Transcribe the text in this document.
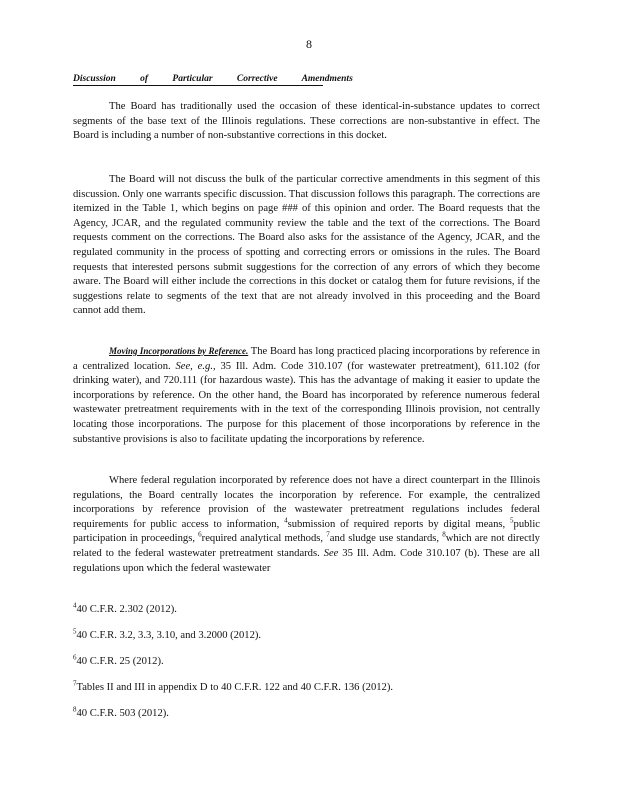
8
Discussion of Particular Corrective Amendments
The Board has traditionally used the occasion of these identical-in-substance updates to correct segments of the base text of the Illinois regulations. These corrections are non-substantive in effect. The Board is including a number of non-substantive corrections in this docket.
The Board will not discuss the bulk of the particular corrective amendments in this segment of this discussion. Only one warrants specific discussion. That discussion follows this paragraph. The corrections are itemized in the Table 1, which begins on page ### of this opinion and order. The Board requests that the Agency, JCAR, and the regulated community review the table and the text of the corrections. The Board requests comment on the corrections. The Board also asks for the assistance of the Agency, JCAR, and the regulated community in the process of spotting and correcting errors or omissions in the rules. The Board requests that interested persons submit suggestions for the correction of any errors of which they become aware. The Board will either include the corrections in this docket or catalog them for future revisions, if the suggestions relate to segments of the text that are not already involved in this proceeding and the Board cannot add them.
Moving Incorporations by Reference. The Board has long practiced placing incorporations by reference in a centralized location. See, e.g., 35 Ill. Adm. Code 310.107 (for wastewater pretreatment), 611.102 (for drinking water), and 720.111 (for hazardous waste). This has the advantage of making it easier to update the incorporations by reference. On the other hand, the Board has incorporated by reference numerous federal wastewater pretreatment requirements with in the text of the corresponding Illinois provision, not centrally locating those incorporations. The purpose for this placement of those incorporations by reference in the substantive provisions is also to facilitate updating the incorporations by reference.
Where federal regulation incorporated by reference does not have a direct counterpart in the Illinois regulations, the Board centrally locates the incorporation by reference. For example, the centralized incorporations by reference provision of the wastewater pretreatment regulations includes federal requirements for public access to information, $^4$submission of required reports by digital means, $^5$public participation in proceedings, $^6$required analytical methods, $^7$and sludge use standards, $^8$which are not directly related to the federal wastewater pretreatment standards. See 35 Ill. Adm. Code 310.107 (b). These are all regulations upon which the federal wastewater
$^4$40 C.F.R. 2.302 (2012).
$^5$40 C.F.R. 3.2, 3.3, 3.10, and 3.2000 (2012).
$^6$40 C.F.R. 25 (2012).
$^7$Tables II and III in appendix D to 40 C.F.R. 122 and 40 C.F.R. 136 (2012).
$^8$40 C.F.R. 503 (2012).
